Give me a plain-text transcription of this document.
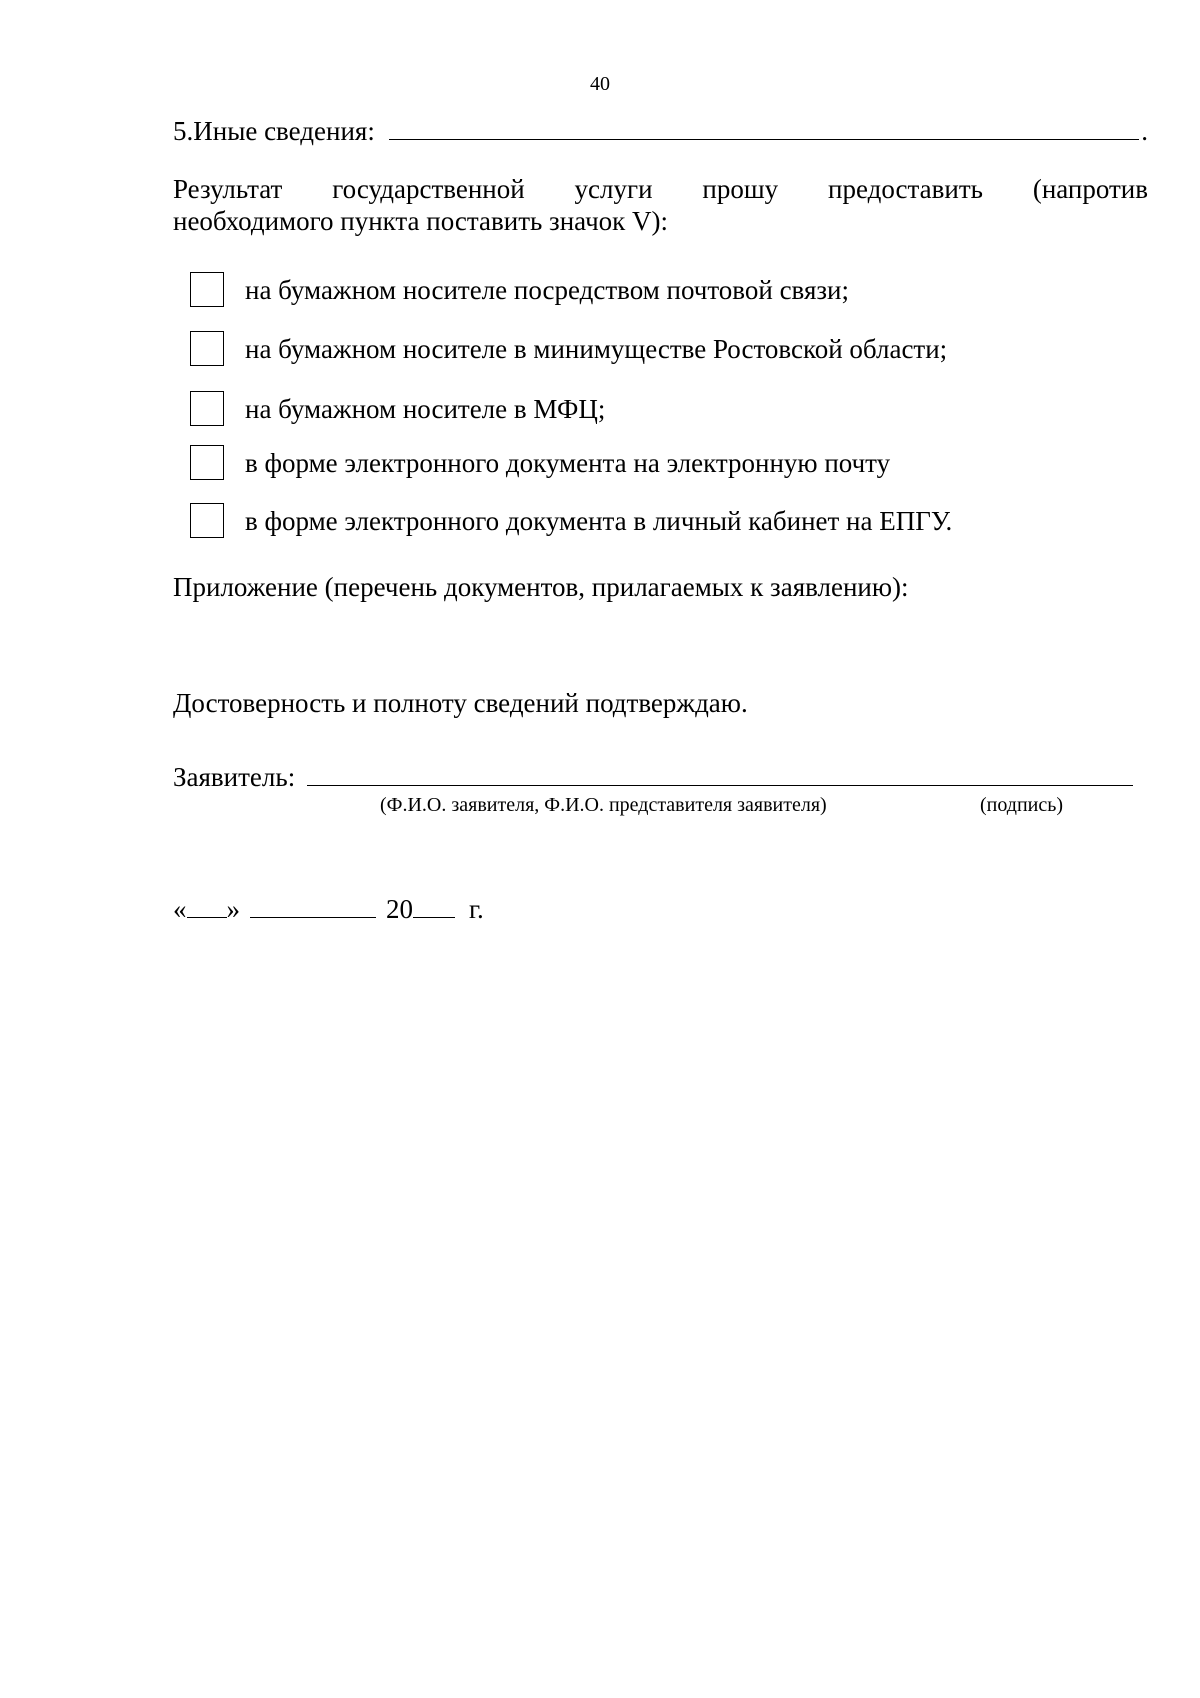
40
5.Иные сведения:	.
Результат государственной услуги прошу предоставить (напротив
необходимого пункта поставить значок V):
на бумажном носителе посредством почтовой связи;
на бумажном носителе в минимуществе Ростовской области;
на бумажном носителе в МФЦ;
в форме электронного документа на электронную почту
в форме электронного документа в личный кабинет на ЕПГУ.
Приложение (перечень документов, прилагаемых к заявлению):
Достоверность и полноту сведений подтверждаю.
Заявитель:
(Ф.И.О. заявителя, Ф.И.О. представителя заявителя)	(подпись)
« »	20 г.
